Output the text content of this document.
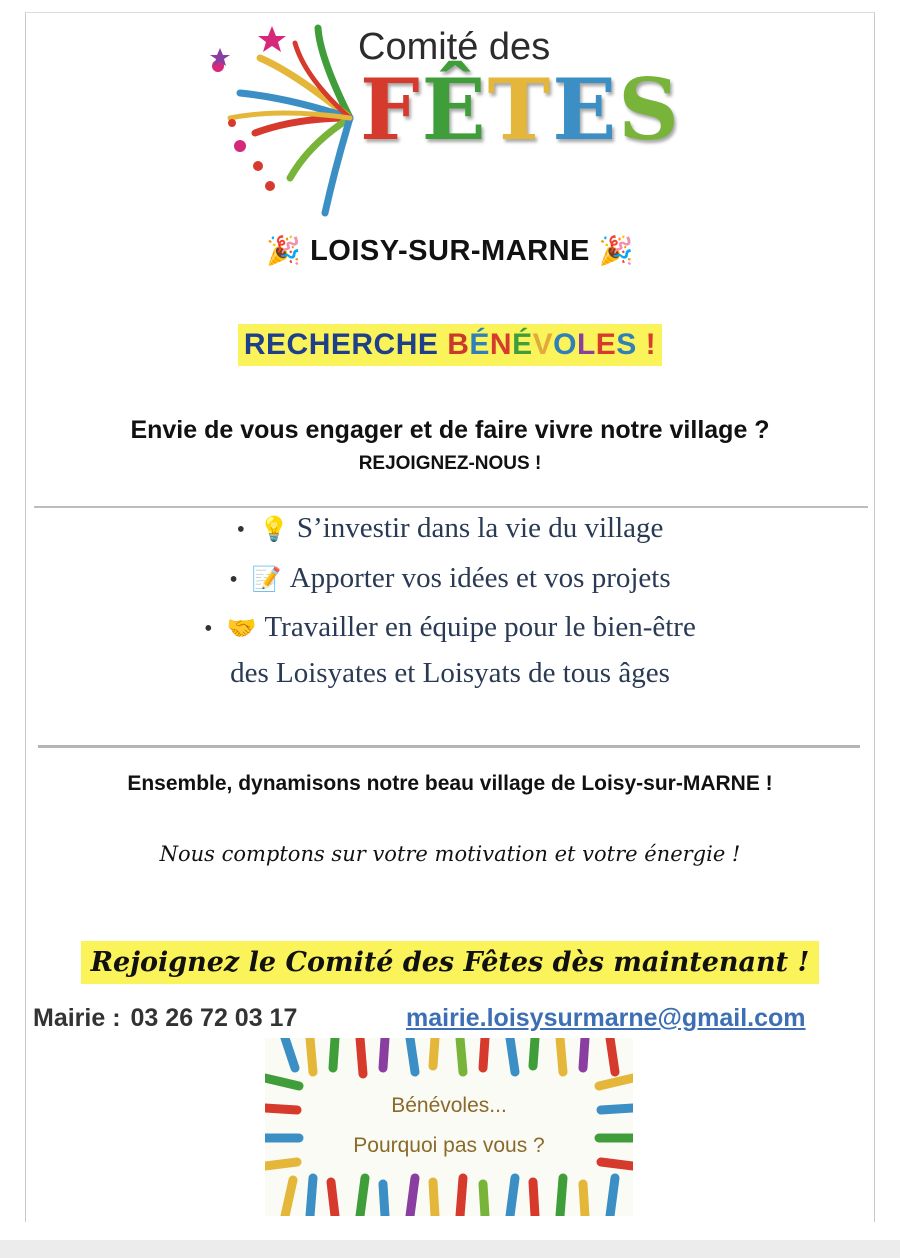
Comité des
FÊTES
🎉 LOISY-SUR-MARNE 🎉
RECHERCHE BÉNÉVOLES !
Envie de vous engager et de faire vivre notre village ?
REJOIGNEZ-NOUS !
• 💡 S’investir dans la vie du village
• 📝 Apporter vos idées et vos projets
• 🤝 Travailler en équipe pour le bien-être
des Loisyates et Loisyats de tous âges
Ensemble, dynamisons notre beau village de Loisy-sur-MARNE !
Nous comptons sur votre motivation et votre énergie !
Rejoignez le Comité des Fêtes dès maintenant !
Mairie : 03 26 72 03 17	mairie.loisysurmarne@gmail.com
Bénévoles...
Pourquoi pas vous ?
